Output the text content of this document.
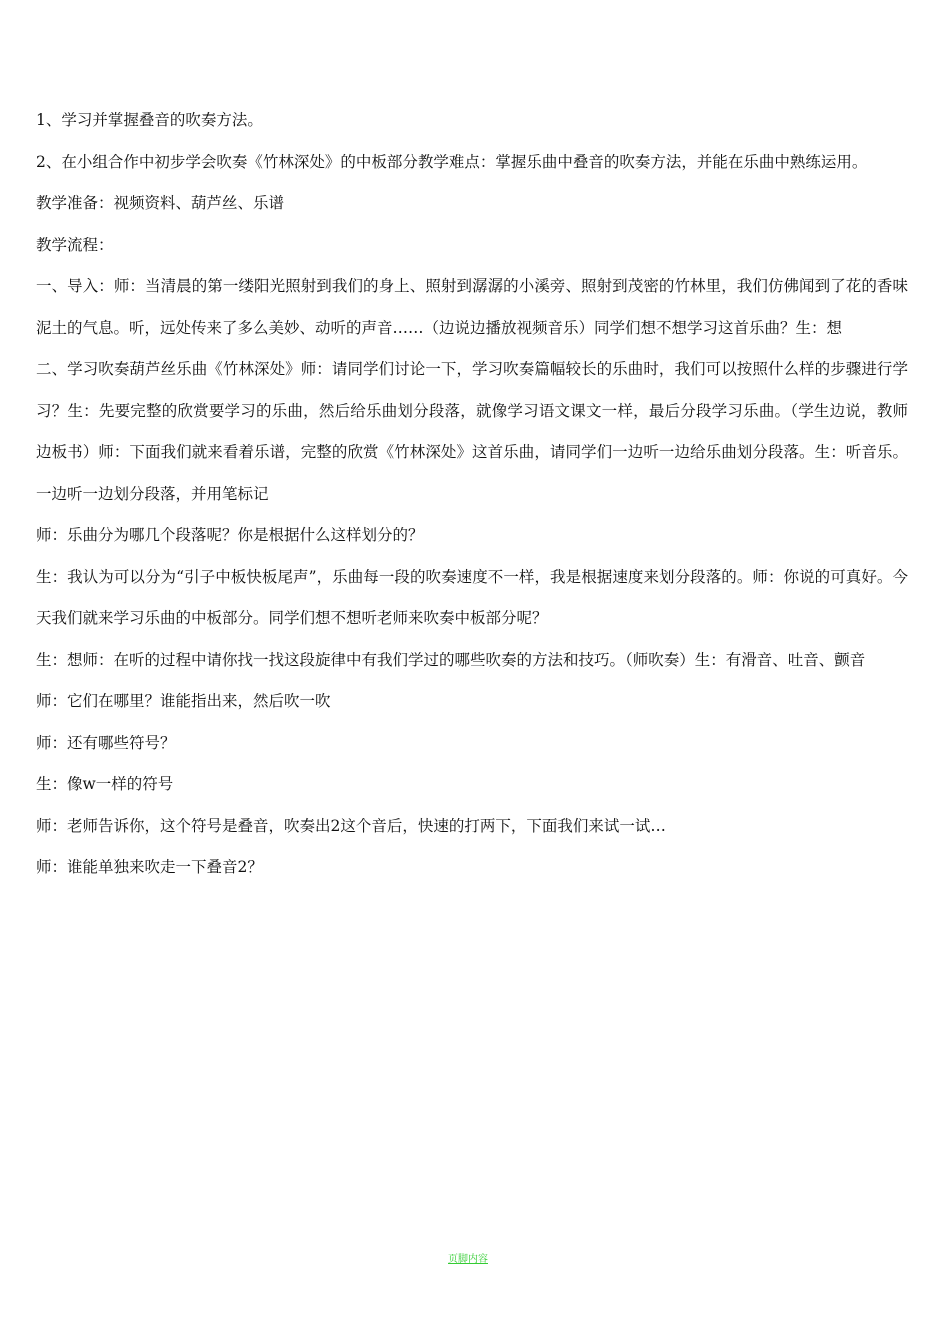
1、学习并掌握叠音的吹奏方法。

2、在小组合作中初步学会吹奏《竹林深处》的中板部分教学难点：掌握乐曲中叠音的吹奏方法，并能在乐曲中熟练运用。

教学准备：视频资料、葫芦丝、乐谱

教学流程：

一、导入：师：当清晨的第一缕阳光照射到我们的身上、照射到潺潺的小溪旁、照射到茂密的竹林里，我们仿佛闻到了花的香味泥土的气息。听，远处传来了多么美妙、动听的声音……（边说边播放视频音乐）同学们想不想学习这首乐曲？生：想

二、学习吹奏葫芦丝乐曲《竹林深处》师：请同学们讨论一下，学习吹奏篇幅较长的乐曲时，我们可以按照什么样的步骤进行学习？生：先要完整的欣赏要学习的乐曲，然后给乐曲划分段落，就像学习语文课文一样，最后分段学习乐曲。（学生边说，教师边板书）师：下面我们就来看着乐谱，完整的欣赏《竹林深处》这首乐曲，请同学们一边听一边给乐曲划分段落。生：听音乐。一边听一边划分段落，并用笔标记

师：乐曲分为哪几个段落呢？你是根据什么这样划分的？

生：我认为可以分为“引子中板快板尾声”，乐曲每一段的吹奏速度不一样，我是根据速度来划分段落的。师：你说的可真好。今天我们就来学习乐曲的中板部分。同学们想不想听老师来吹奏中板部分呢？

生：想师：在听的过程中请你找一找这段旋律中有我们学过的哪些吹奏的方法和技巧。（师吹奏）生：有滑音、吐音、颤音

师：它们在哪里？谁能指出来，然后吹一吹

师：还有哪些符号？

生：像w一样的符号

师：老师告诉你，这个符号是叠音，吹奏出2这个音后，快速的打两下，下面我们来试一试…

师：谁能单独来吹走一下叠音2？

页脚内容
